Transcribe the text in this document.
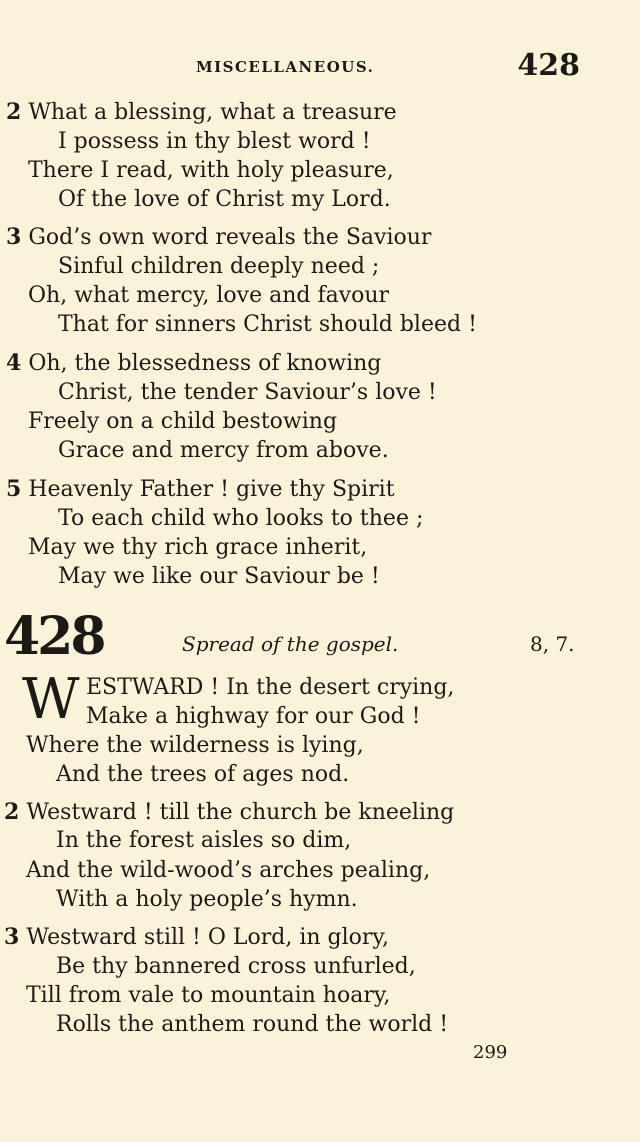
MISCELLANEOUS.	428
2 What a blessing, what a treasure
I possess in thy blest word !
There I read, with holy pleasure,
Of the love of Christ my Lord.
3 God’s own word reveals the Saviour
Sinful children deeply need ;
Oh, what mercy, love and favour
That for sinners Christ should bleed !
4 Oh, the blessedness of knowing
Christ, the tender Saviour’s love !
Freely on a child bestowing
Grace and mercy from above.
5 Heavenly Father ! give thy Spirit
To each child who looks to thee ;
May we thy rich grace inherit,
May we like our Saviour be !
428	Spread of the gospel.	8, 7.
W ESTWARD ! In the desert crying,
Make a highway for our God !
Where the wilderness is lying,
And the trees of ages nod.
2 Westward ! till the church be kneeling
In the forest aisles so dim,
And the wild-wood’s arches pealing,
With a holy people’s hymn.
3 Westward still ! O Lord, in glory,
Be thy bannered cross unfurled,
Till from vale to mountain hoary,
Rolls the anthem round the world !
299
